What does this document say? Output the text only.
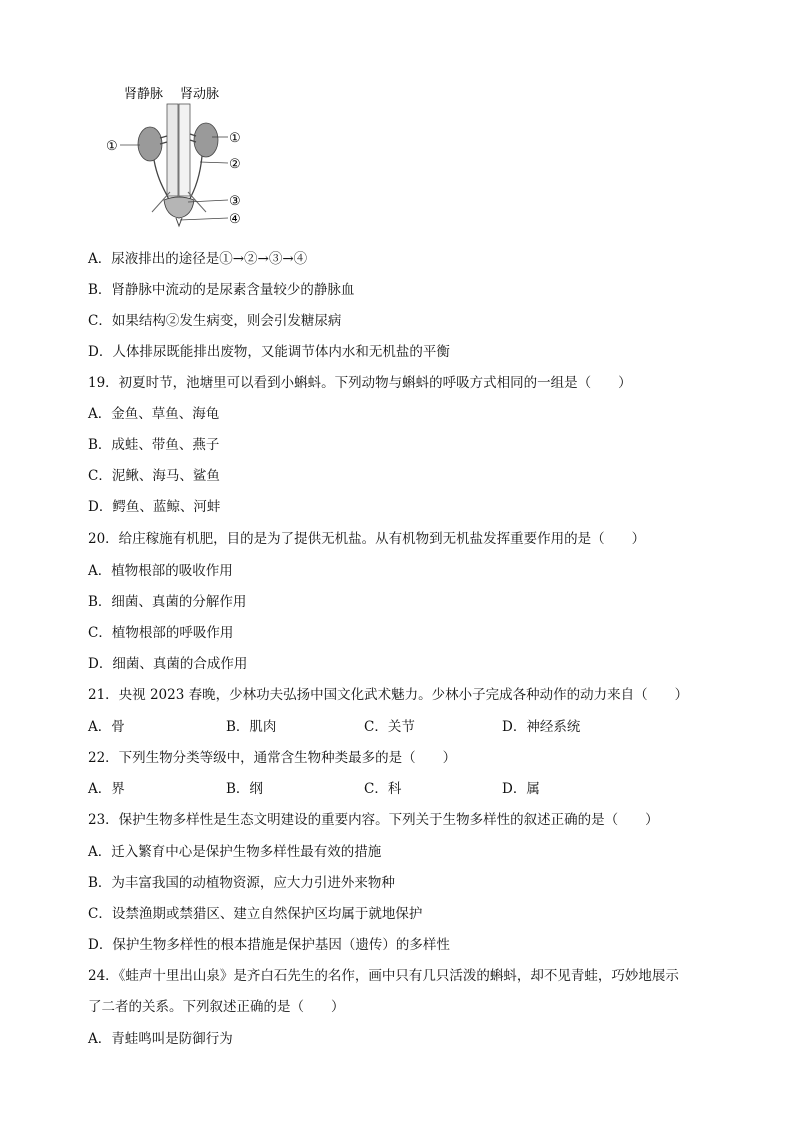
肾静脉 肾动脉
①
①
②
③
④
A．尿液排出的途径是①→②→③→④
B．肾静脉中流动的是尿素含量较少的静脉血
C．如果结构②发生病变，则会引发糖尿病
D．人体排尿既能排出废物，又能调节体内水和无机盐的平衡
19．初夏时节，池塘里可以看到小蝌蚪。下列动物与蝌蚪的呼吸方式相同的一组是（　　）
A．金鱼、草鱼、海龟
B．成蛙、带鱼、燕子
C．泥鳅、海马、鲨鱼
D．鳄鱼、蓝鲸、河蚌
20．给庄稼施有机肥，目的是为了提供无机盐。从有机物到无机盐发挥重要作用的是（　　）
A．植物根部的吸收作用
B．细菌、真菌的分解作用
C．植物根部的呼吸作用
D．细菌、真菌的合成作用
21．央视 2023 春晚，少林功夫弘扬中国文化武术魅力。少林小子完成各种动作的动力来自（　　）
A．骨	B．肌肉	C．关节	D．神经系统
22．下列生物分类等级中，通常含生物种类最多的是（　　）
A．界	B．纲	C．科	D．属
23．保护生物多样性是生态文明建设的重要内容。下列关于生物多样性的叙述正确的是（　　）
A．迁入繁育中心是保护生物多样性最有效的措施
B．为丰富我国的动植物资源，应大力引进外来物种
C．设禁渔期或禁猎区、建立自然保护区均属于就地保护
D．保护生物多样性的根本措施是保护基因（遗传）的多样性
24．《蛙声十里出山泉》是齐白石先生的名作，画中只有几只活泼的蝌蚪，却不见青蛙，巧妙地展示
了二者的关系。下列叙述正确的是（　　）
A．青蛙鸣叫是防御行为
